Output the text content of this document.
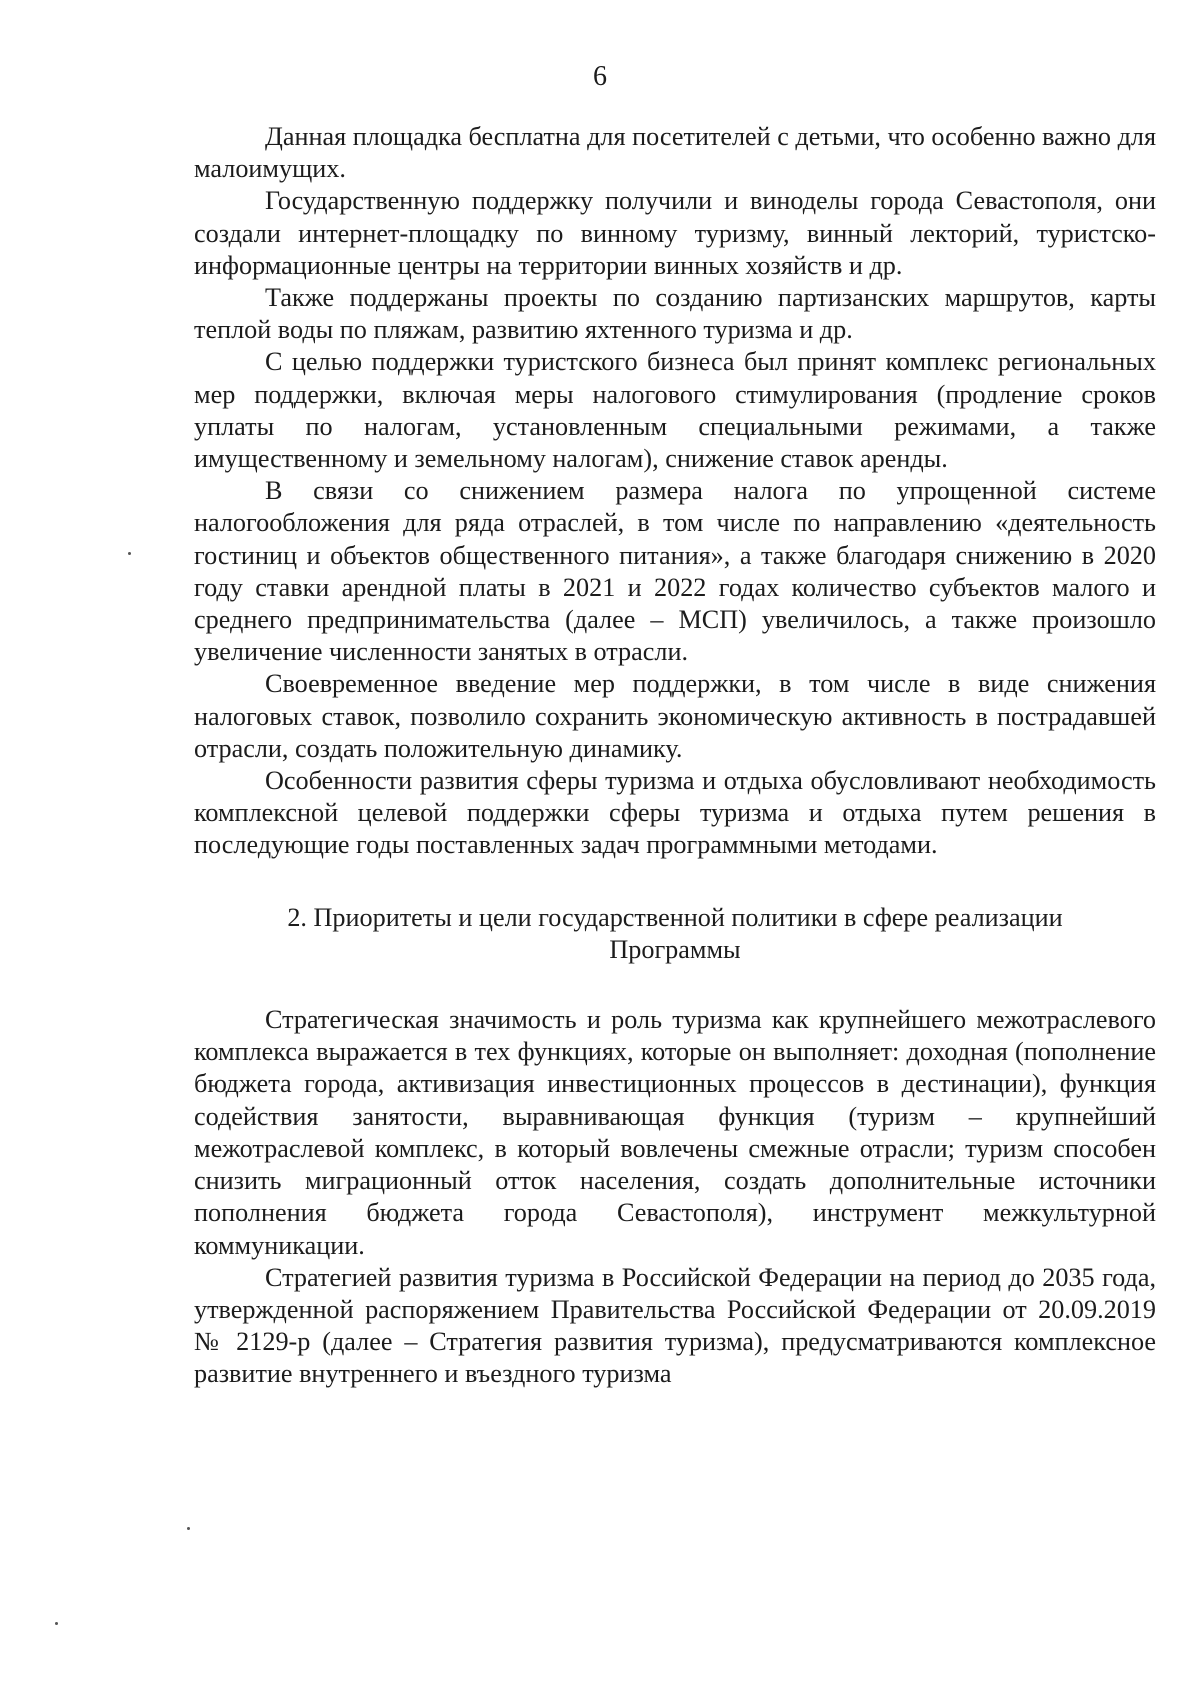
6

Данная площадка бесплатна для посетителей с детьми, что особенно важно для малоимущих.

Государственную поддержку получили и виноделы города Севастополя, они создали интернет-площадку по винному туризму, винный лекторий, туристско-информационные центры на территории винных хозяйств и др.

Также поддержаны проекты по созданию партизанских маршрутов, карты теплой воды по пляжам, развитию яхтенного туризма и др.

С целью поддержки туристского бизнеса был принят комплекс региональных мер поддержки, включая меры налогового стимулирования (продление сроков уплаты по налогам, установленным специальными режимами, а также имущественному и земельному налогам), снижение ставок аренды.

В связи со снижением размера налога по упрощенной системе налогообложения для ряда отраслей, в том числе по направлению «деятельность гостиниц и объектов общественного питания», а также благодаря снижению в 2020 году ставки арендной платы в 2021 и 2022 годах количество субъектов малого и среднего предпринимательства (далее – МСП) увеличилось, а также произошло увеличение численности занятых в отрасли.

Своевременное введение мер поддержки, в том числе в виде снижения налоговых ставок, позволило сохранить экономическую активность в пострадавшей отрасли, создать положительную динамику.

Особенности развития сферы туризма и отдыха обусловливают необходимость комплексной целевой поддержки сферы туризма и отдыха путем решения в последующие годы поставленных задач программными методами.

2. Приоритеты и цели государственной политики в сфере реализации
Программы

Стратегическая значимость и роль туризма как крупнейшего межотраслевого комплекса выражается в тех функциях, которые он выполняет: доходная (пополнение бюджета города, активизация инвестиционных процессов в дестинации), функция содействия занятости, выравнивающая функция (туризм – крупнейший межотраслевой комплекс, в который вовлечены смежные отрасли; туризм способен снизить миграционный отток населения, создать дополнительные источники пополнения бюджета города Севастополя), инструмент межкультурной коммуникации.

Стратегией развития туризма в Российской Федерации на период до 2035 года, утвержденной распоряжением Правительства Российской Федерации от 20.09.2019 № 2129-р (далее – Стратегия развития туризма), предусматриваются комплексное развитие внутреннего и въездного туризма
